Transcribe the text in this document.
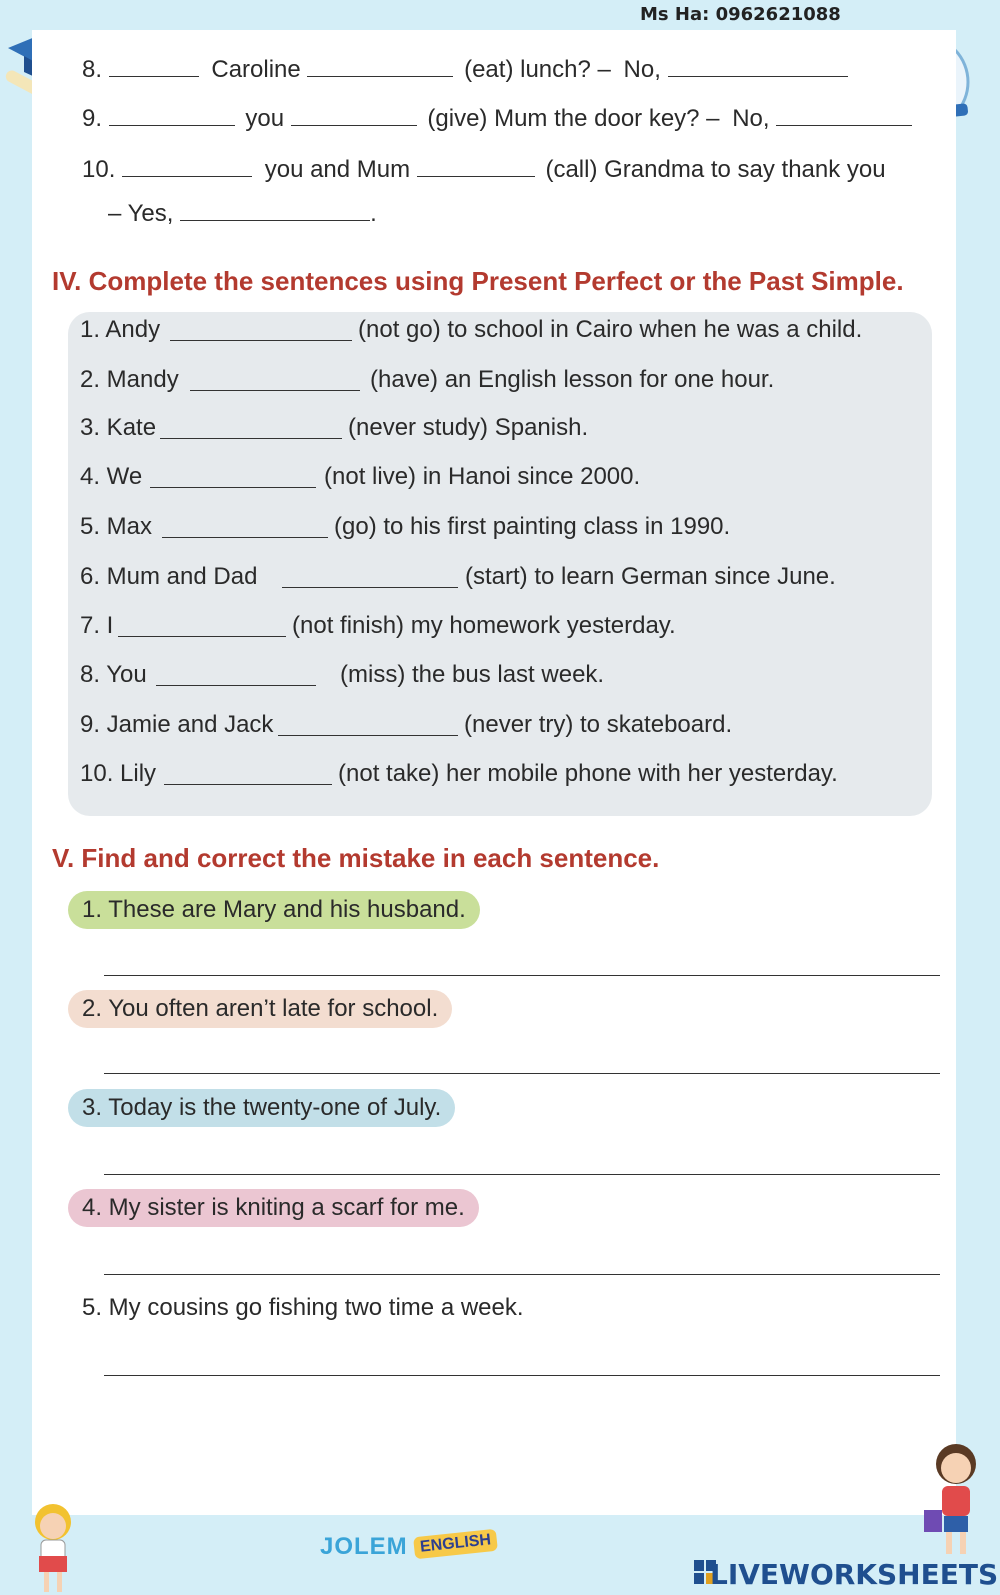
Ms Ha: 0962621088
8.	Caroline	(eat) lunch? – No,
9.	you	(give) Mum the door key? – No,
10.	you and Mum	(call) Grandma to say thank you
– Yes,	.
IV. Complete the sentences using Present Perfect or the Past Simple.
1. Andy	(not go) to school in Cairo when he was a child.
2. Mandy	(have) an English lesson for one hour.
3. Kate	(never study) Spanish.
4. We	(not live) in Hanoi since 2000.
5. Max	(go) to his first painting class in 1990.
6. Mum and Dad	(start) to learn German since June.
7. I	(not finish) my homework yesterday.
8. You	(miss) the bus last week.
9. Jamie and Jack	(never try) to skateboard.
10. Lily	(not take) her mobile phone with her yesterday.
V. Find and correct the mistake in each sentence.
1. These are Mary and his husband.
2. You often aren’t late for school.
3. Today is the twenty-one of July.
4. My sister is kniting a scarf for me.
5. My cousins go fishing two time a week.
JOLEM ENGLISH
LIVEWORKSHEETS
